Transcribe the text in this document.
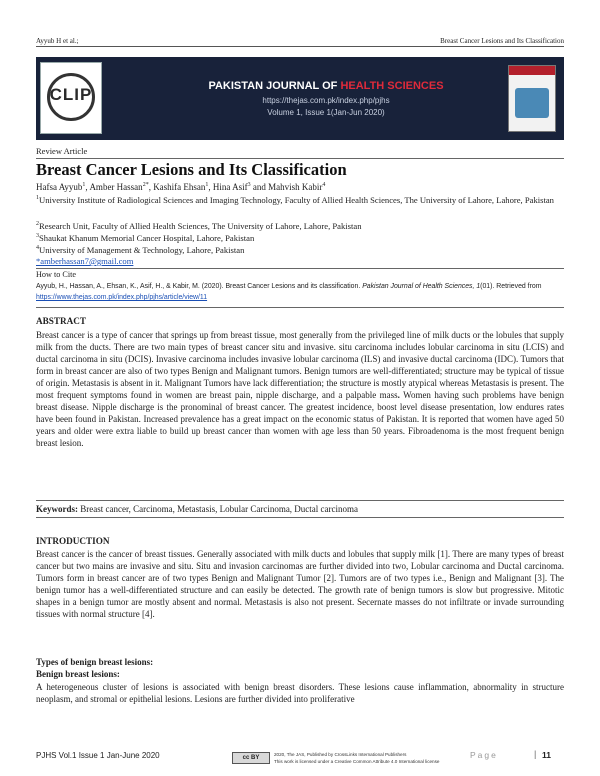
Ayyub H et al.;	Breast Cancer Lesions and Its Classification
CLIP	PAKISTAN JOURNAL OF HEALTH SCIENCES
https://thejas.com.pk/index.php/pjhs
Volume 1, Issue 1(Jan-Jun 2020)
Review Article
Breast Cancer Lesions and Its Classification
Hafsa Ayyub$^1$, Amber Hassan$^{2*}$, Kashifa Ehsan$^1$, Hina Asif$^3$ and Mahvish Kabir$^4$
$^1$University Institute of Radiological Sciences and Imaging Technology, Faculty of Allied Health Sciences, The University of Lahore, Lahore, Pakistan
$^2$Research Unit, Faculty of Allied Health Sciences, The University of Lahore, Lahore, Pakistan
$^3$Shaukat Khanum Memorial Cancer Hospital, Lahore, Pakistan
$^4$University of Management & Technology, Lahore, Pakistan
*amberhassan7@gmail.com
How to Cite
Ayyub, H., Hassan, A., Ehsan, K., Asif, H., & Kabir, M. (2020). Breast Cancer Lesions and its classification. Pakistan Journal of Health Sciences, 1(01). Retrieved from https://www.thejas.com.pk/index.php/pjhs/article/view/11
ABSTRACT
Breast cancer is a type of cancer that springs up from breast tissue, most generally from the privileged line of milk ducts or the lobules that supply milk from the ducts. There are two main types of breast cancer situ and invasive. situ carcinoma includes lobular carcinoma in situ (LCIS) and ductal carcinoma in situ (DCIS). Invasive carcinoma includes invasive lobular carcinoma (ILS) and invasive ductal carcinoma (IDC). Tumors that form in breast cancer are also of two types Benign and Malignant tumors. Benign tumors are well-differentiated; structure may be typical of tissue of origin. Metastasis is absent in it. Malignant Tumors have lack differentiation; the structure is mostly atypical whereas Metastasis is present. The most frequent symptoms found in women are breast pain, nipple discharge, and a palpable mass. Women having such problems have benign breast disease. Nipple discharge is the pronominal of breast cancer. The greatest incidence, boost level disease presentation, low endures rates have been found in Pakistan. Increased prevalence has a great impact on the economic status of Pakistan. It is reported that women have aged 50 years and older were extra liable to build up breast cancer than women with age less than 50 years. Fibroadenoma is the most frequent benign breast lesion.
Keywords: Breast cancer, Carcinoma, Metastasis, Lobular Carcinoma, Ductal carcinoma
INTRODUCTION
Breast cancer is the cancer of breast tissues. Generally associated with milk ducts and lobules that supply milk [1]. There are many types of breast cancer but two mains are invasive and situ. Situ and invasion carcinomas are further divided into two, Lobular carcinoma and Ductal carcinoma. Tumors form in breast cancer are of two types Benign and Malignant Tumor [2]. Tumors are of two types i.e., Benign and Malignant [3]. The benign tumor has a well-differentiated structure and can easily be detected. The growth rate of benign tumors is slow but progressive. Mitotic shapes in a benign tumor are mostly absent and normal. Metastasis is also not present. Secernate masses do not infiltrate or invade surrounding tissues with normal structure [4].
Types of benign breast lesions:
Benign breast lesions:
A heterogeneous cluster of lesions is associated with benign breast disorders. These lesions cause inflammation, abnormality in structure neoplasm, and stromal or epithelial lesions. Lesions are further divided into proliferative
PJHS Vol.1 Issue 1 Jan-June 2020	cc BY
2020, The JAS, Published by CrossLinks International Publishers
This work is licensed under a Creative Common Attribute 4.0 International license
Page	| 11
